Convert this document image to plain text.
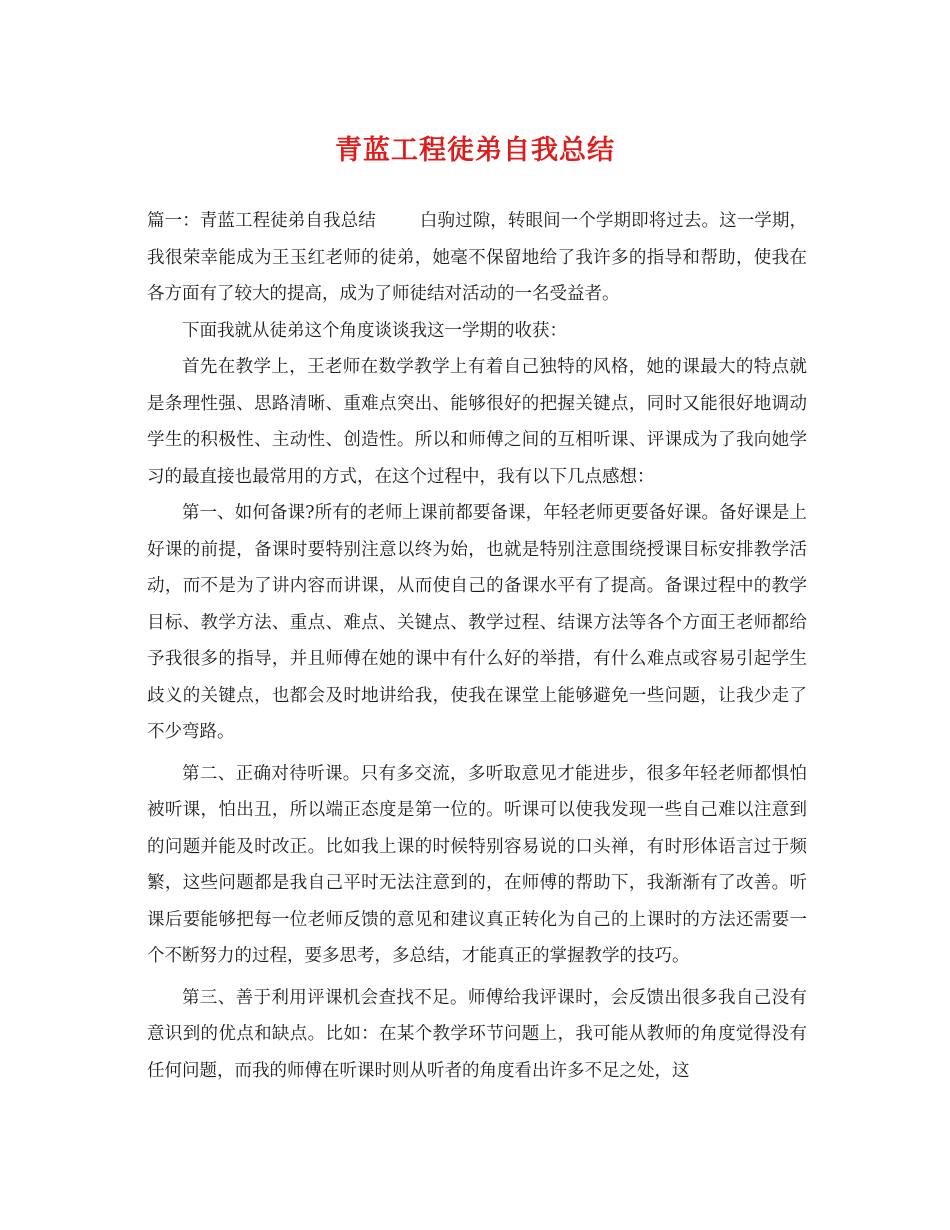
青蓝工程徒弟自我总结

篇一：青蓝工程徒弟自我总结	白驹过隙，转眼间一个学期即将过去。这一学期，我很荣幸能成为王玉红老师的徒弟，她毫不保留地给了我许多的指导和帮助，使我在各方面有了较大的提高，成为了师徒结对活动的一名受益者。

下面我就从徒弟这个角度谈谈我这一学期的收获：

首先在教学上，王老师在数学教学上有着自己独特的风格，她的课最大的特点就是条理性强、思路清晰、重难点突出、能够很好的把握关键点，同时又能很好地调动学生的积极性、主动性、创造性。所以和师傅之间的互相听课、评课成为了我向她学习的最直接也最常用的方式，在这个过程中，我有以下几点感想：

第一、如何备课?所有的老师上课前都要备课，年轻老师更要备好课。备好课是上好课的前提，备课时要特别注意以终为始，也就是特别注意围绕授课目标安排教学活动，而不是为了讲内容而讲课，从而使自己的备课水平有了提高。备课过程中的教学目标、教学方法、重点、难点、关键点、教学过程、结课方法等各个方面王老师都给予我很多的指导，并且师傅在她的课中有什么好的举措，有什么难点或容易引起学生歧义的关键点，也都会及时地讲给我，使我在课堂上能够避免一些问题，让我少走了不少弯路。

第二、正确对待听课。只有多交流，多听取意见才能进步，很多年轻老师都惧怕被听课，怕出丑，所以端正态度是第一位的。听课可以使我发现一些自己难以注意到的问题并能及时改正。比如我上课的时候特别容易说的口头禅，有时形体语言过于频繁，这些问题都是我自己平时无法注意到的，在师傅的帮助下，我渐渐有了改善。听课后要能够把每一位老师反馈的意见和建议真正转化为自己的上课时的方法还需要一个不断努力的过程，要多思考，多总结，才能真正的掌握教学的技巧。

第三、善于利用评课机会查找不足。师傅给我评课时，会反馈出很多我自己没有意识到的优点和缺点。比如：在某个教学环节问题上，我可能从教师的角度觉得没有任何问题，而我的师傅在听课时则从听者的角度看出许多不足之处，这
